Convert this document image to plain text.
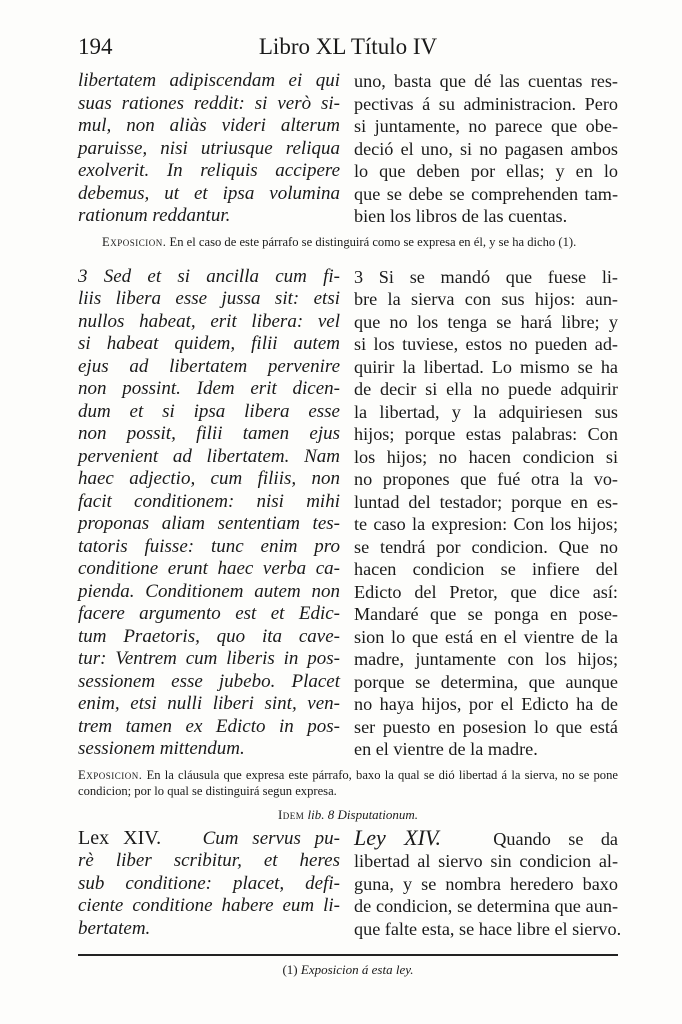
194	Libro XL Título IV
libertatem adipiscendam ei qui
suas rationes reddit: si verò si-
mul, non aliàs videri alterum
paruisse, nisi utriusque reliqua
exolverit. In reliquis accipere
debemus, ut et ipsa volumina
rationum reddantur.
uno, basta que dé las cuentas res-
pectivas á su administracion. Pero
si juntamente, no parece que obe-
deció el uno, si no pagasen ambos
lo que deben por ellas; y en lo
que se debe se comprehenden tam-
bien los libros de las cuentas.
Exposicion. En el caso de este párrafo se distinguirá como se expresa en él, y se ha dicho (1).
3 Sed et si ancilla cum fi-
liis libera esse jussa sit: etsi
nullos habeat, erit libera: vel
si habeat quidem, filii autem
ejus ad libertatem pervenire
non possint. Idem erit dicen-
dum et si ipsa libera esse
non possit, filii tamen ejus
pervenient ad libertatem. Nam
haec adjectio, cum filiis, non
facit conditionem: nisi mihi
proponas aliam sententiam tes-
tatoris fuisse: tunc enim pro
conditione erunt haec verba ca-
pienda. Conditionem autem non
facere argumento est et Edic-
tum Praetoris, quo ita cave-
tur: Ventrem cum liberis in pos-
sessionem esse jubebo. Placet
enim, etsi nulli liberi sint, ven-
trem tamen ex Edicto in pos-
sessionem mittendum.
3 Si se mandó que fuese li-
bre la sierva con sus hijos: aun-
que no los tenga se hará libre; y
si los tuviese, estos no pueden ad-
quirir la libertad. Lo mismo se ha
de decir si ella no puede adquirir
la libertad, y la adquiriesen sus
hijos; porque estas palabras: Con
los hijos; no hacen condicion si
no propones que fué otra la vo-
luntad del testador; porque en es-
te caso la expresion: Con los hijos;
se tendrá por condicion. Que no
hacen condicion se infiere del
Edicto del Pretor, que dice así:
Mandaré que se ponga en pose-
sion lo que está en el vientre de la
madre, juntamente con los hijos;
porque se determina, que aunque
no haya hijos, por el Edicto ha de
ser puesto en posesion lo que está
en el vientre de la madre.
Exposicion. En la cláusula que expresa este párrafo, baxo la qual se dió libertad á la sierva, no se pone condicion; por lo qual se distinguirá segun expresa.
Idem lib. 8 Disputationum.
Lex XIV. Cum servus pu-
rè liber scribitur, et heres
sub conditione: placet, defi-
ciente conditione habere eum li-
bertatem.
Ley XIV.	Quando se da
libertad al siervo sin condicion al-
guna, y se nombra heredero baxo
de condicion, se determina que aun-
que falte esta, se hace libre el siervo.
(1) Exposicion á esta ley.
